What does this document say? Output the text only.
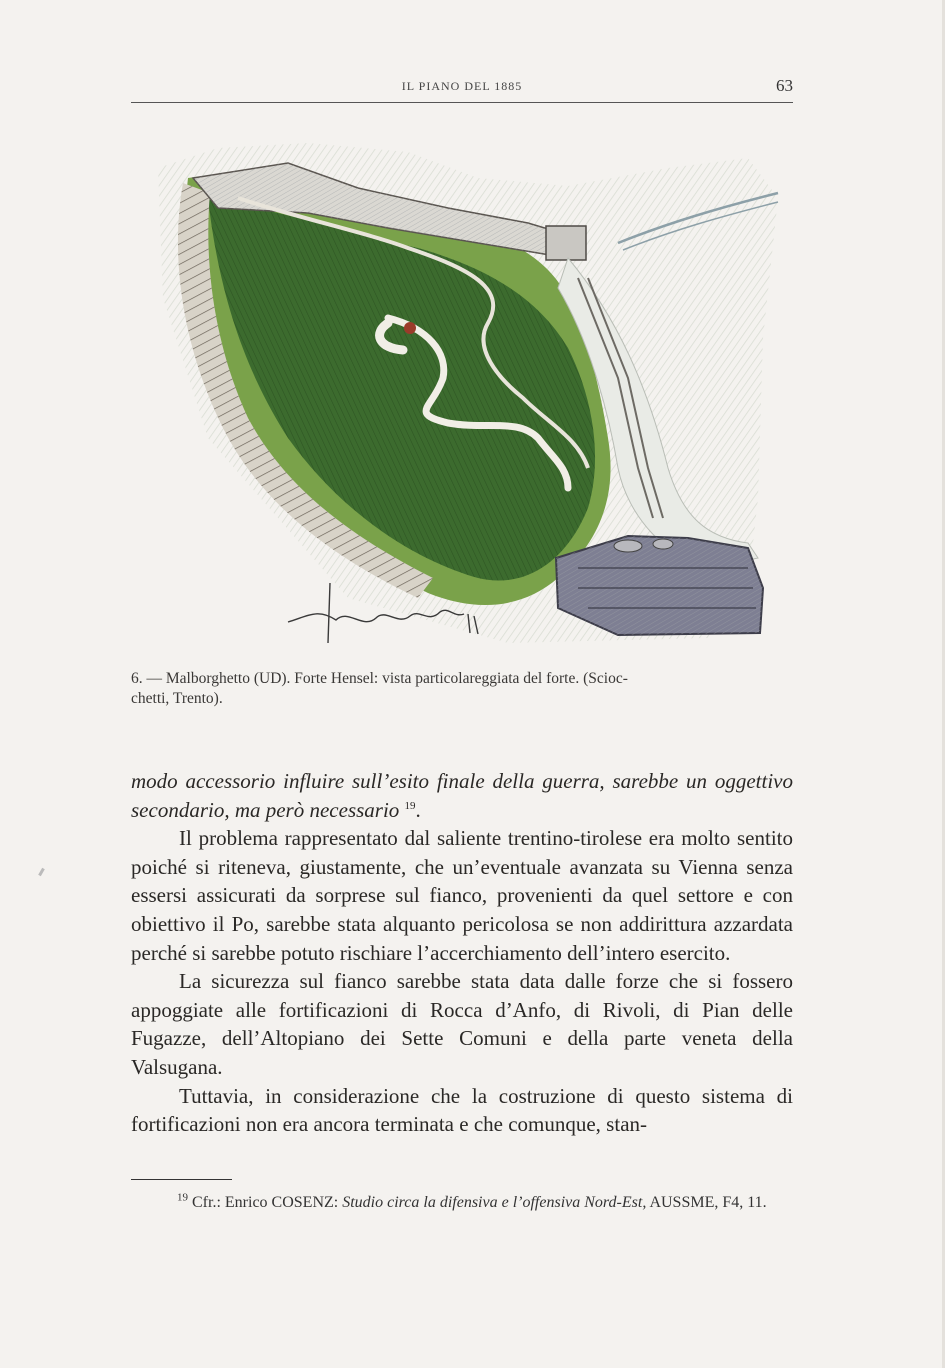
IL PIANO DEL 1885	63
Sciocchetti 97

6. — Malborghetto (UD). Forte Hensel: vista particolareggiata del forte. (Scioc-

chetti, Trento).

modo accessorio influire sull’esito finale della guerra, sarebbe un oggettivo secondario, ma però necessario $^{19}$.

Il problema rappresentato dal saliente trentino-tirolese era molto sentito poiché si riteneva, giustamente, che un’eventuale avanzata su Vienna senza essersi assicurati da sorprese sul fianco, provenienti da quel settore e con obiettivo il Po, sarebbe stata alquanto pericolosa se non addirittura azzardata perché si sarebbe potuto rischiare l’accerchiamento dell’intero esercito.

La sicurezza sul fianco sarebbe stata data dalle forze che si fossero appoggiate alle fortificazioni di Rocca d’Anfo, di Rivoli, di Pian delle Fugazze, dell’Altopiano dei Sette Comuni e della parte veneta della Valsugana.

Tuttavia, in considerazione che la costruzione di questo sistema di fortificazioni non era ancora terminata e che comunque, stan-

$^{19}$ Cfr.: Enrico COSENZ: Studio circa la difensiva e l’offensiva Nord-Est, AUSSME, F4, 11.
